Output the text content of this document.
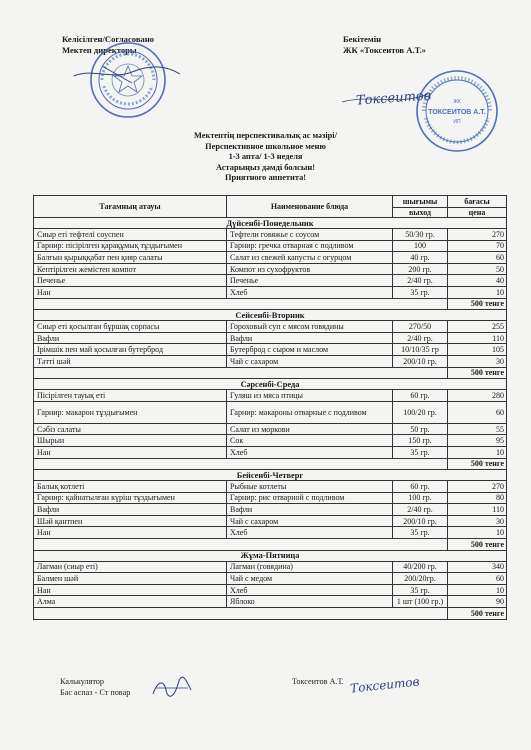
Келісілген/Согласовано
Мектеп директоры
Бекітемін
ЖК «Токсеитов А.Т.»
ЖК
ТОКСЕИТОВ А.Т.
ИП
Токсеитов
Мектептің перспективалық ас мәзірі/
Перспективное школьное меню
1-3 апта/ 1-3 неделя
Астарыңыз дәмді болсын!
Приятного аппетита!
Тағамның атауы	Наименование блюда	шығымы	бағасы
		выход	цена
Дүйсенбі-Понедельник			
Сиыр еті тефтелі соуспен	Тефтели говяжье с соусом	50/30 гр.	270
Гарнир: пісірілген қарақұмық тұздығымен	Гарнир: гречка отварная с подливом	100	70
Балғын қырыққабат пен қияр салаты	Салат из свежей капусты с огурцом	40 гр.	60
Кептірілген жемістен компот	Компот из сухофруктов	200 гр.	50
Печенье	Печенье	2/40 гр.	40
Нан	Хлеб	35 гр.	10
			500 тенге
Сейсенбі-Вторник			
Сиыр еті қосылған бұршақ сорпасы	Гороховый суп с мясом говядины	270/50	255
Вафли	Вафли	2/40 гр.	110
Ірімшік пен май қосылған бутерброд	Бутерброд с сыром и маслом	10/10/35 гр	105
Тәтті шәй	Чай с сахаром	200/10 гр.	30
			500 тенге
Сәрсенбі-Среда			
Пісірілген тауық еті	Гуляш из мяса птицы	60 гр.	280
Гарнир: макарон тұздығымен	Гарнир: макароны отварные с подливом	100/20 гр.	60
Сәбіз салаты	Салат из моркови	50 гр.	55
Шырын	Сок	150 гр.	95
Нан	Хлеб	35 гр.	10
			500 тенге
Бейсенбі-Четверг			
Балық котлеті	Рыбные котлеты	60 гр.	270
Гарнир: қайнатылған күріш тұздығымен	Гарнир: рис отварной с подливом	100 гр.	80
Вафли	Вафли	2/40 гр.	110
Шәй қантпен	Чай с сахаром	200/10 гр.	30
Нан	Хлеб	35 гр.	10
			500 тенге
Жұма-Пятница			
Лагман (сиыр еті)	Лагман (говядина)	40/200 гр.	340
Балмен шәй	Чай с медом	200/20гр.	60
Нан	Хлеб	35 гр.	10
Алма	Яблоко	1 шт (100 гр.)	90
			500 тенге
Калькулятор
Бас аспаз - Ст повар
Токсеитов А.Т. Токсеитов
